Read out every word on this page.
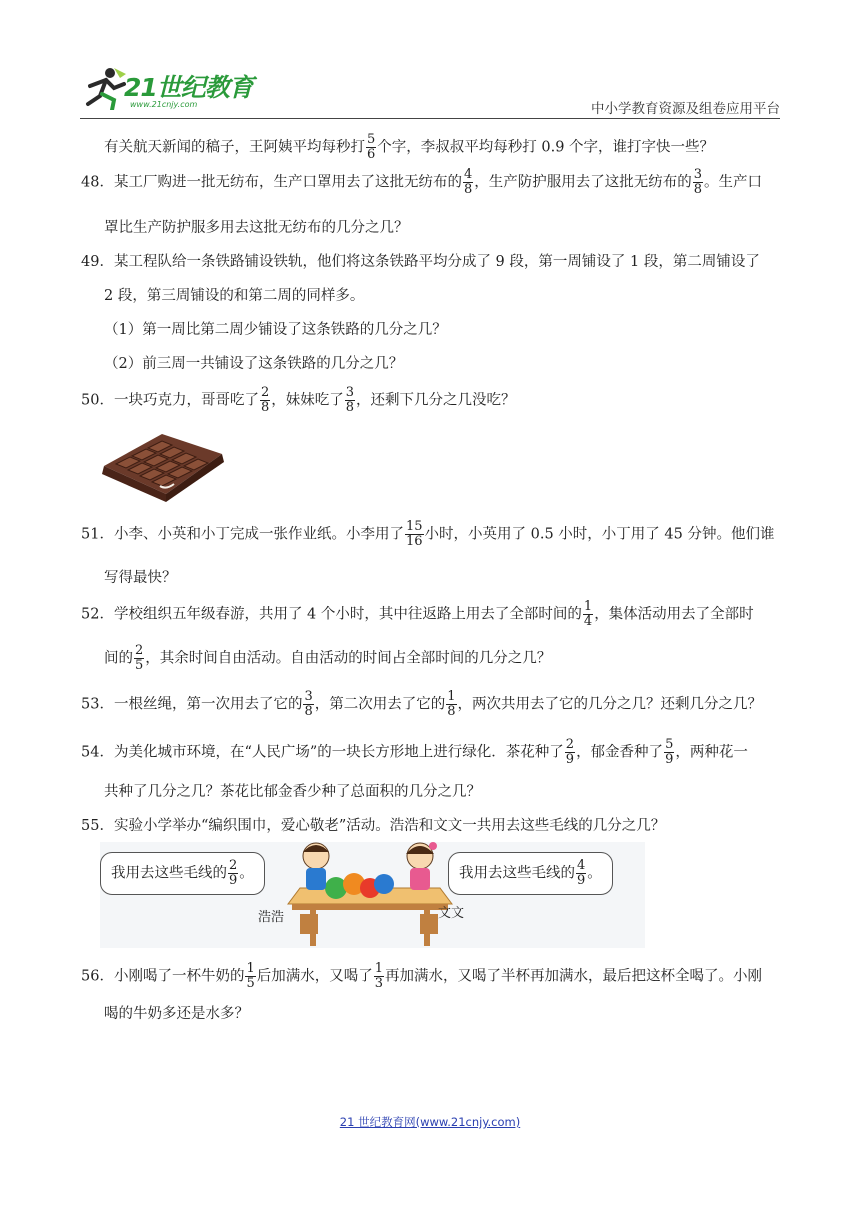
21世纪教育
www.21cnjy.com	中小学教育资源及组卷应用平台
有关航天新闻的稿子，王阿姨平均每秒打 $\frac{5}{6}$ 个字，李叔叔平均每秒打 0.9 个字，谁打字快一些？
48．某工厂购进一批无纺布，生产口罩用去了这批无纺布的 $\frac{4}{8}$ ，生产防护服用去了这批无纺布的 $\frac{3}{8}$ 。生产口
罩比生产防护服多用去这批无纺布的几分之几？
49．某工程队给一条铁路铺设铁轨，他们将这条铁路平均分成了 9 段，第一周铺设了 1 段，第二周铺设了
2 段，第三周铺设的和第二周的同样多。
（1）第一周比第二周少铺设了这条铁路的几分之几？
（2）前三周一共铺设了这条铁路的几分之几？
50．一块巧克力，哥哥吃了 $\frac{2}{8}$ ，妹妹吃了 $\frac{3}{8}$ ，还剩下几分之几没吃？
51．小李、小英和小丁完成一张作业纸。小李用了 $\frac{15}{16}$ 小时，小英用了 0.5 小时，小丁用了 45 分钟。他们谁
写得最快？
52．学校组织五年级春游，共用了 4 个小时，其中往返路上用去了全部时间的 $\frac{1}{4}$ ，集体活动用去了全部时
间的 $\frac{2}{5}$ ，其余时间自由活动。自由活动的时间占全部时间的几分之几？
53．一根丝绳，第一次用去了它的 $\frac{3}{8}$ ，第二次用去了它的 $\frac{1}{8}$ ，两次共用去了它的几分之几？还剩几分之几？
54．为美化城市环境，在“人民广场”的一块长方形地上进行绿化．茶花种了 $\frac{2}{9}$ ，郁金香种了 $\frac{5}{9}$ ，两种花一
共种了几分之几？茶花比郁金香少种了总面积的几分之几？
55．实验小学举办“编织围巾，爱心敬老”活动。浩浩和文文一共用去这些毛线的几分之几？
我用去这些毛线的 $\frac{2}{9}$ 。	我用去这些毛线的 $\frac{4}{9}$ 。
浩浩	文文
56．小刚喝了一杯牛奶的 $\frac{1}{5}$ 后加满水，又喝了 $\frac{1}{3}$ 再加满水，又喝了半杯再加满水，最后把这杯全喝了。小刚
喝的牛奶多还是水多？
21 世纪教育网(www.21cnjy.com)
